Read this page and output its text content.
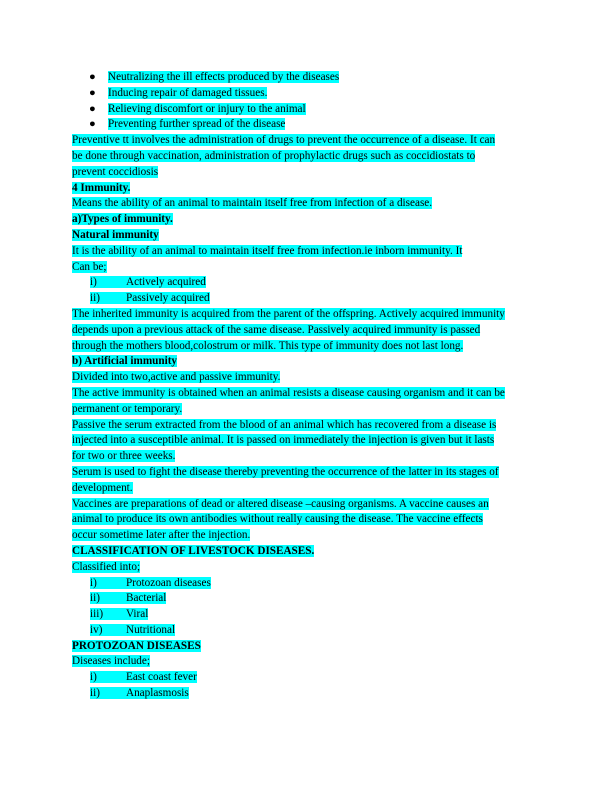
● Neutralizing the ill effects produced by the diseases
● Inducing repair of damaged tissues.
● Relieving discomfort or injury to the animal
● Preventing further spread of the disease
Preventive tt involves the administration of drugs to prevent the occurrence of a disease. It can
be done through vaccination, administration of prophylactic drugs such as coccidiostats to
prevent coccidiosis
4 Immunity.
Means the ability of an animal to maintain itself free from infection of a disease.
a)Types of immunity.
Natural immunity
It is the ability of an animal to maintain itself free from infection.ie inborn immunity. It
Can be;
i)	Actively acquired
ii) Passively acquired
The inherited immunity is acquired from the parent of the offspring. Actively acquired immunity
depends upon a previous attack of the same disease. Passively acquired immunity is passed
through the mothers blood,colostrum or milk. This type of immunity does not last long.
b) Artificial immunity
Divided into two,active and passive immunity.
The active immunity is obtained when an animal resists a disease causing organism and it can be
permanent or temporary.
Passive the serum extracted from the blood of an animal which has recovered from a disease is
injected into a susceptible animal. It is passed on immediately the injection is given but it lasts
for two or three weeks.
Serum is used to fight the disease thereby preventing the occurrence of the latter in its stages of
development.
Vaccines are preparations of dead or altered disease –causing organisms. A vaccine causes an
animal to produce its own antibodies without really causing the disease. The vaccine effects
occur sometime later after the injection.
CLASSIFICATION OF LIVESTOCK DISEASES.
Classified into;
i)	Protozoan diseases
ii) Bacterial
iii) Viral
iv) Nutritional
PROTOZOAN DISEASES
Diseases include;
i)	East coast fever
ii) Anaplasmosis
